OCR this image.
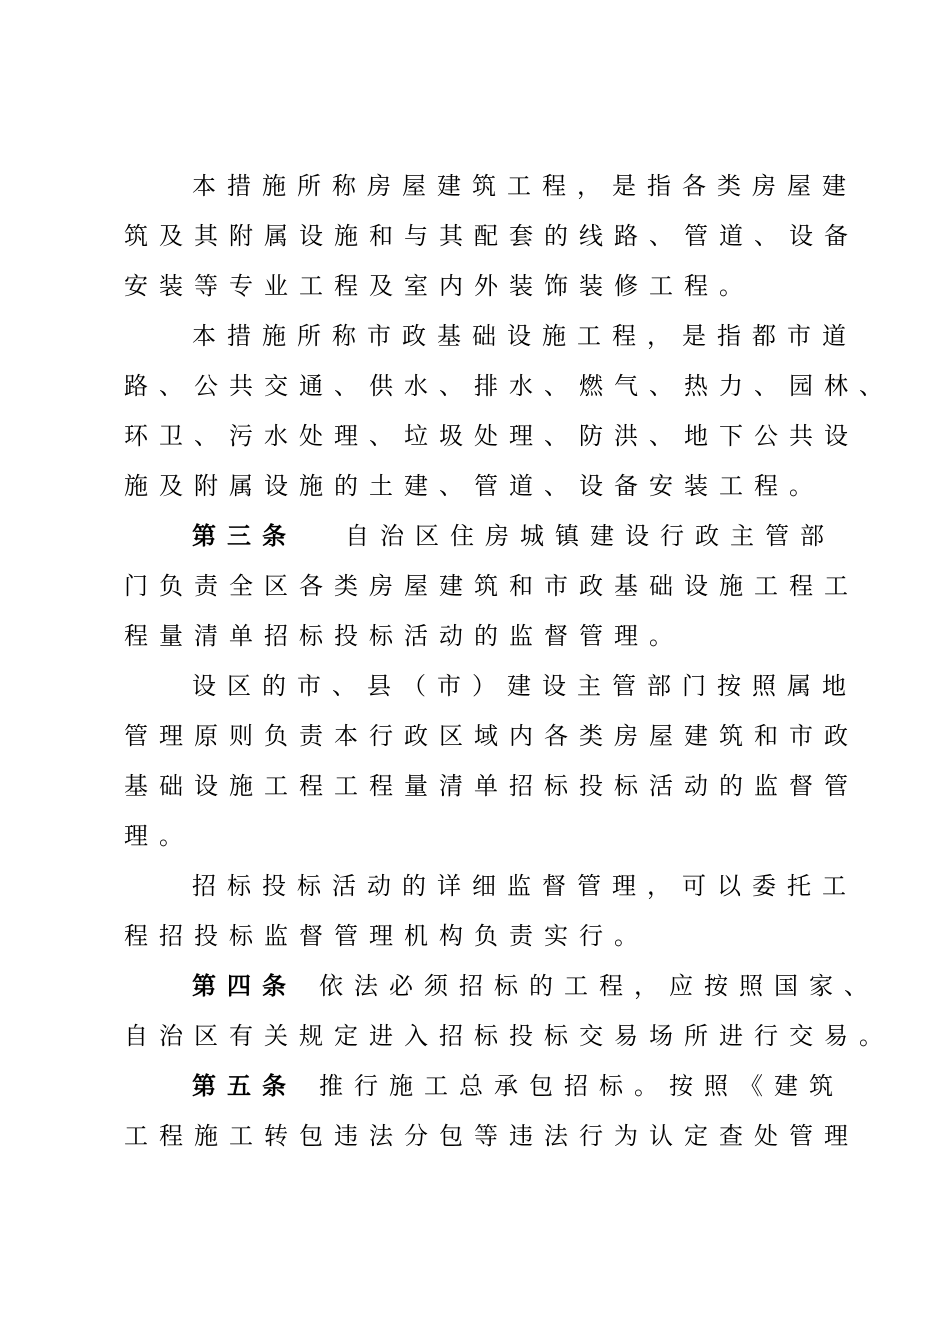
本措施所称房屋建筑工程，是指各类房屋建
筑及其附属设施和与其配套的线路、管道、设备
安装等专业工程及室内外装饰装修工程。
本措施所称市政基础设施工程，是指都市道
路、公共交通、供水、排水、燃气、热力、园林、
环卫、污水处理、垃圾处理、防洪、地下公共设
施及附属设施的土建、管道、设备安装工程。
第三条 自治区住房城镇建设行政主管部
门负责全区各类房屋建筑和市政基础设施工程工
程量清单招标投标活动的监督管理。
设区的市、县（市）建设主管部门按照属地
管理原则负责本行政区域内各类房屋建筑和市政
基础设施工程工程量清单招标投标活动的监督管
理。
招标投标活动的详细监督管理，可以委托工
程招投标监督管理机构负责实行。
第四条 依法必须招标的工程，应按照国家、
自治区有关规定进入招标投标交易场所进行交易。
第五条 推行施工总承包招标。按照《建筑
工程施工转包违法分包等违法行为认定查处管理
